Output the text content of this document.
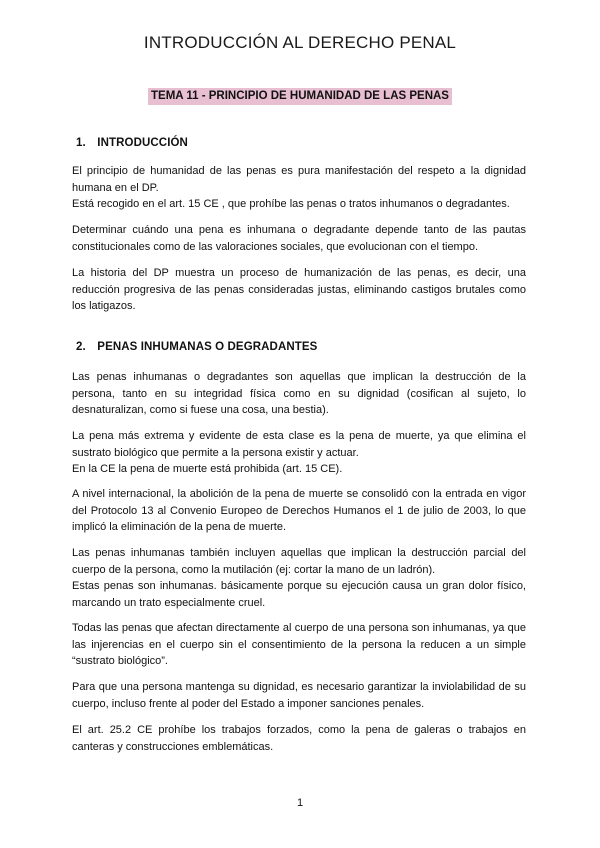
INTRODUCCIÓN AL DERECHO PENAL
TEMA 11 - PRINCIPIO DE HUMANIDAD DE LAS PENAS
1. INTRODUCCIÓN
El principio de humanidad de las penas es pura manifestación del respeto a la dignidad humana en el DP.
Está recogido en el art. 15 CE , que prohíbe las penas o tratos inhumanos o degradantes.
Determinar cuándo una pena es inhumana o degradante depende tanto de las pautas constitucionales como de las valoraciones sociales, que evolucionan con el tiempo.
La historia del DP muestra un proceso de humanización de las penas, es decir, una reducción progresiva de las penas consideradas justas, eliminando castigos brutales como los latigazos.
2. PENAS INHUMANAS O DEGRADANTES
Las penas inhumanas o degradantes son aquellas que implican la destrucción de la persona, tanto en su integridad física como en su dignidad (cosifican al sujeto, lo desnaturalizan, como si fuese una cosa, una bestia).
La pena más extrema y evidente de esta clase es la pena de muerte, ya que elimina el sustrato biológico que permite a la persona existir y actuar.
En la CE la pena de muerte está prohibida (art. 15 CE).
A nivel internacional, la abolición de la pena de muerte se consolidó con la entrada en vigor del Protocolo 13 al Convenio Europeo de Derechos Humanos el 1 de julio de 2003, lo que implicó la eliminación de la pena de muerte.
Las penas inhumanas también incluyen aquellas que implican la destrucción parcial del cuerpo de la persona, como la mutilación (ej: cortar la mano de un ladrón).
Estas penas son inhumanas. básicamente porque su ejecución causa un gran dolor físico, marcando un trato especialmente cruel.
Todas las penas que afectan directamente al cuerpo de una persona son inhumanas, ya que las injerencias en el cuerpo sin el consentimiento de la persona la reducen a un simple “sustrato biológico”.
Para que una persona mantenga su dignidad, es necesario garantizar la inviolabilidad de su cuerpo, incluso frente al poder del Estado a imponer sanciones penales.
El art. 25.2 CE prohíbe los trabajos forzados, como la pena de galeras o trabajos en canteras y construcciones emblemáticas.
1
